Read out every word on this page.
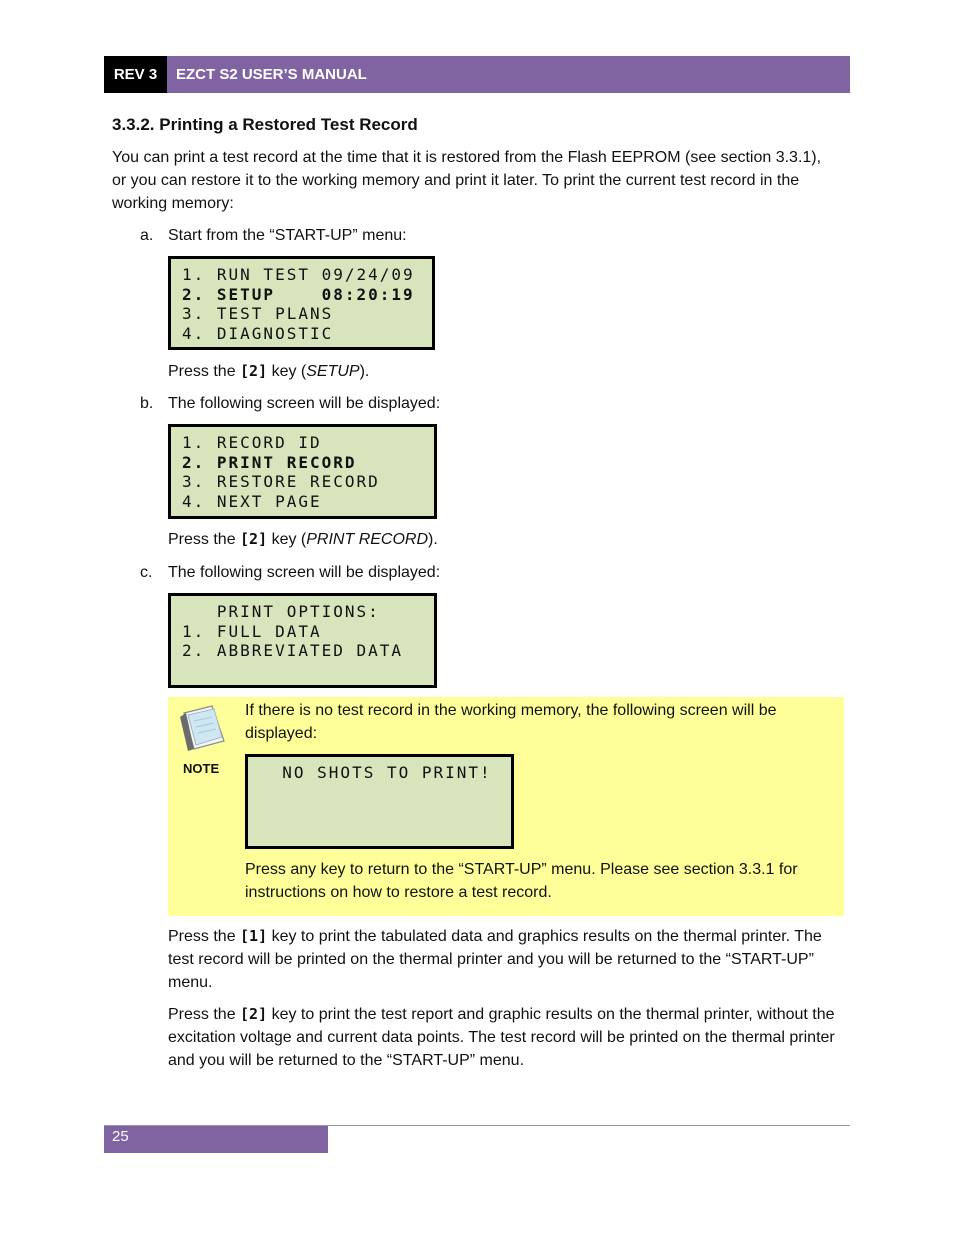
REV 3	EZCT S2 USER’S MANUAL
3.3.2. Printing a Restored Test Record
You can print a test record at the time that it is restored from the Flash EEPROM (see section 3.3.1), or you can restore it to the working memory and print it later. To print the current test record in the working memory:
a. Start from the “START-UP” menu:
1. RUN TEST 09/24/09
2. SETUP    08:20:19
3. TEST PLANS
4. DIAGNOSTIC
Press the [2] key (SETUP).
b. The following screen will be displayed:
1. RECORD ID
2. PRINT RECORD
3. RESTORE RECORD
4. NEXT PAGE
Press the [2] key (PRINT RECORD).
c. The following screen will be displayed:
PRINT OPTIONS:
1. FULL DATA
2. ABBREVIATED DATA
NOTE
If there is no test record in the working memory, the following screen will be displayed:
NO SHOTS TO PRINT!
Press any key to return to the “START-UP” menu. Please see section 3.3.1 for instructions on how to restore a test record.
Press the [1] key to print the tabulated data and graphics results on the thermal printer. The test record will be printed on the thermal printer and you will be returned to the “START-UP” menu.
Press the [2] key to print the test report and graphic results on the thermal printer, without the excitation voltage and current data points. The test record will be printed on the thermal printer and you will be returned to the “START-UP” menu.
25
